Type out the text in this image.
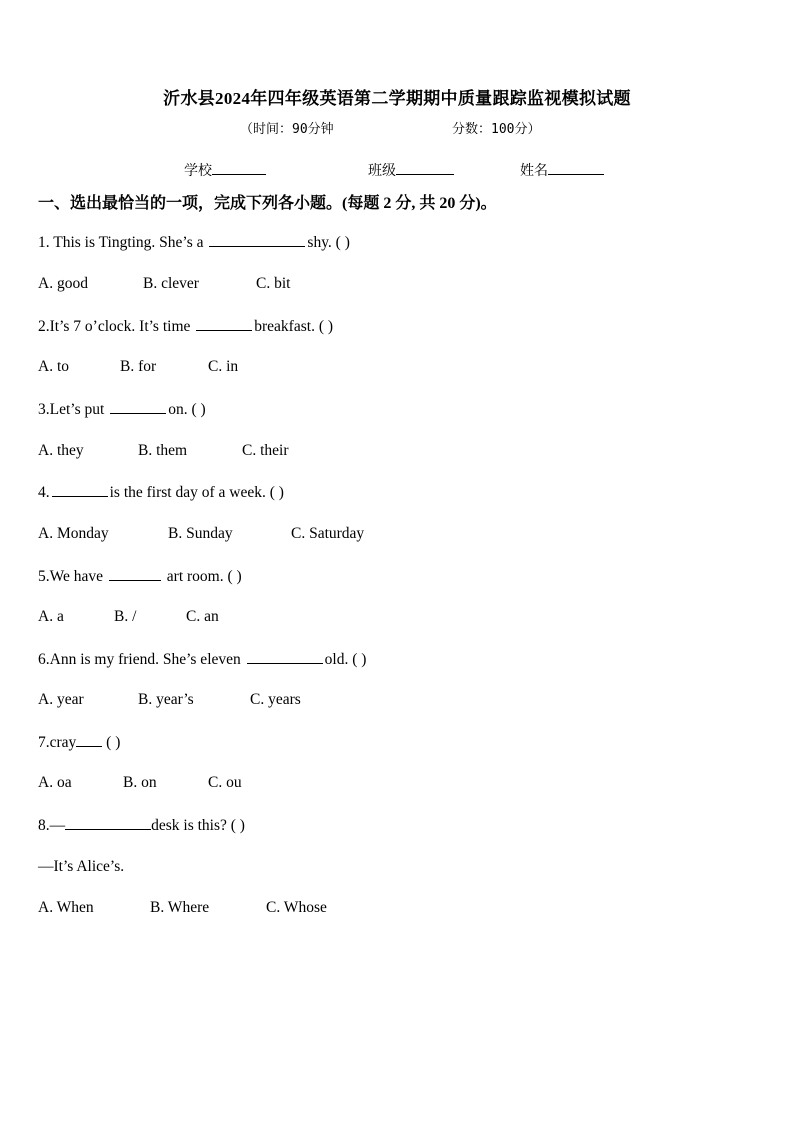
沂水县2024年四年级英语第二学期期中质量跟踪监视模拟试题
（时间：90分钟	分数：100分）
学校	班级	姓名
一、选出最恰当的一项，完成下列各小题。(每题 2 分, 共 20 分)。
1. This is Tingting. She’s a	shy. ( )
A. good	B. clever	C. bit
2.It’s 7 o’clock. It’s time	breakfast. ( )
A. to	B. for	C. in
3.Let’s put	on. ( )
A. they	B. them	C. their
4.	is the first day of a week. ( )
A. Monday	B. Sunday	C. Saturday
5.We have	art room. ( )
A. a	B. /	C. an
6.Ann is my friend. She’s eleven	old. ( )
A. year	B. year’s	C. years
7.cray ( )
A. oa	B. on	C. ou
8.—	desk is this? ( )
—It’s Alice’s.
A. When	B. Where	C. Whose
